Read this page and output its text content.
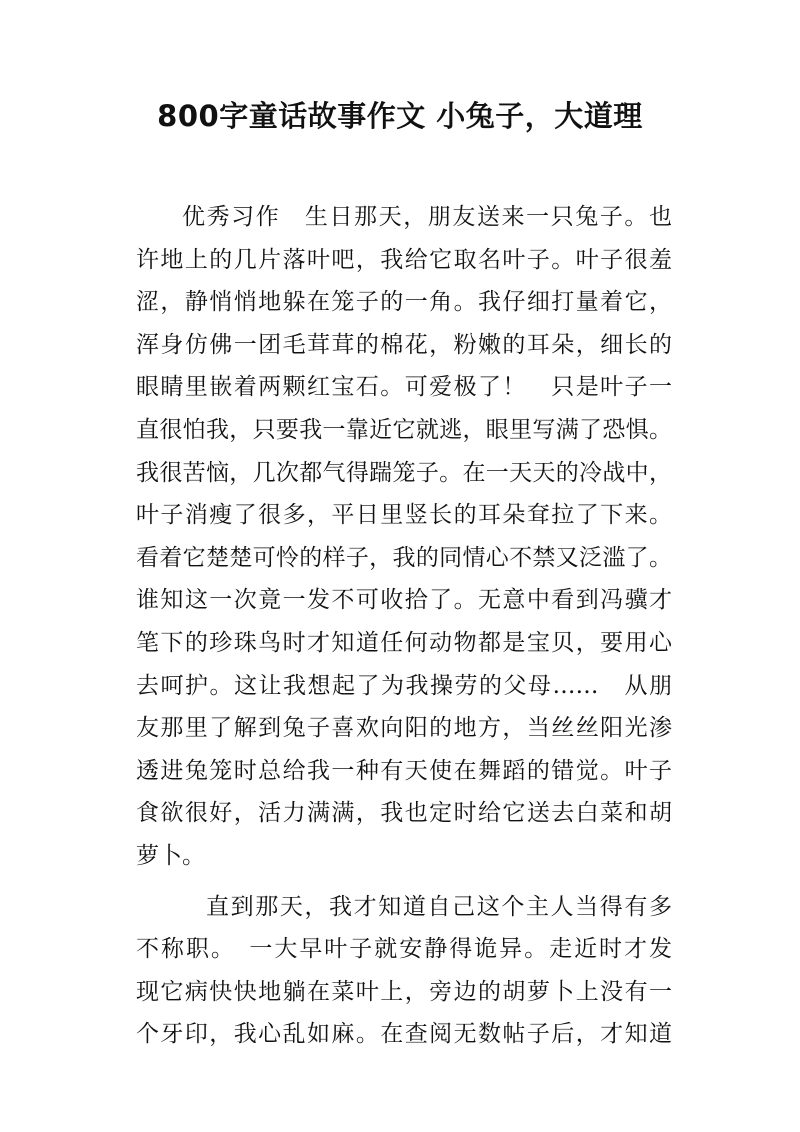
800字童话故事作文 小兔子，大道理
优秀习作　生日那天，朋友送来一只兔子。也
许地上的几片落叶吧，我给它取名叶子。叶子很羞
涩，静悄悄地躲在笼子的一角。我仔细打量着它，
浑身仿佛一团毛茸茸的棉花，粉嫩的耳朵，细长的
眼睛里嵌着两颗红宝石。可爱极了！　只是叶子一
直很怕我，只要我一靠近它就逃，眼里写满了恐惧。
我很苦恼，几次都气得踹笼子。在一天天的冷战中，
叶子消瘦了很多，平日里竖长的耳朵耷拉了下来。
看着它楚楚可怜的样子，我的同情心不禁又泛滥了。
谁知这一次竟一发不可收拾了。无意中看到冯骥才
笔下的珍珠鸟时才知道任何动物都是宝贝，要用心
去呵护。这让我想起了为我操劳的父母……　从朋
友那里了解到兔子喜欢向阳的地方，当丝丝阳光渗
透进兔笼时总给我一种有天使在舞蹈的错觉。叶子
食欲很好，活力满满，我也定时给它送去白菜和胡
萝卜。
直到那天，我才知道自己这个主人当得有多
不称职。　一大早叶子就安静得诡异。走近时才发
现它病快快地躺在菜叶上，旁边的胡萝卜上没有一
个牙印，我心乱如麻。在查阅无数帖子后，才知道
